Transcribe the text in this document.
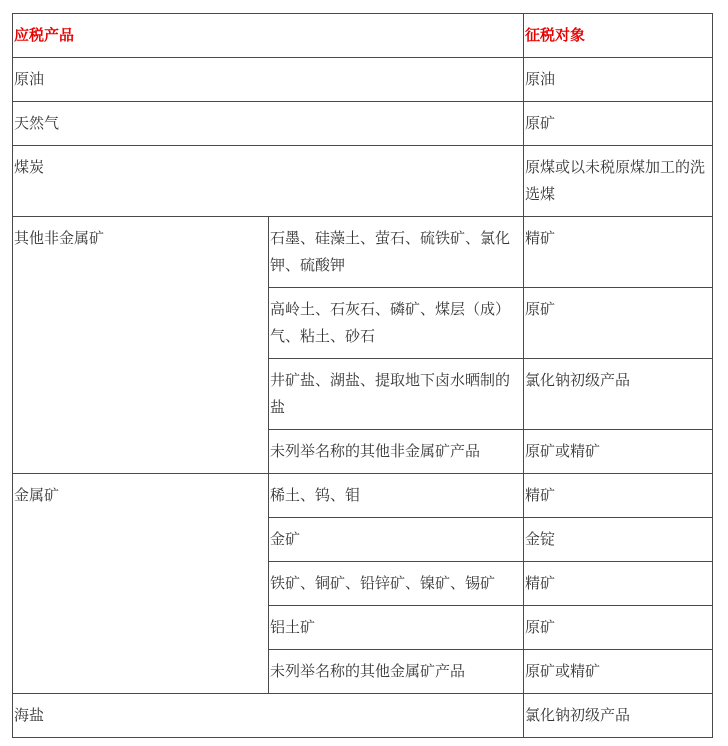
应税产品		征税对象
原油		原油
天然气		原矿
煤炭		原煤或以未税原煤加工的洗选煤
其他非金属矿	石墨、硅藻土、萤石、硫铁矿、氯化钾、硫酸钾	精矿
	高岭土、石灰石、磷矿、煤层（成）气、粘土、砂石	原矿
	井矿盐、湖盐、提取地下卤水晒制的盐	氯化钠初级产品
	未列举名称的其他非金属矿产品	原矿或精矿
金属矿	稀土、钨、钼	精矿
	金矿	金锭
	铁矿、铜矿、铅锌矿、镍矿、锡矿	精矿
	铝土矿	原矿
	未列举名称的其他金属矿产品	原矿或精矿
海盐		氯化钠初级产品
